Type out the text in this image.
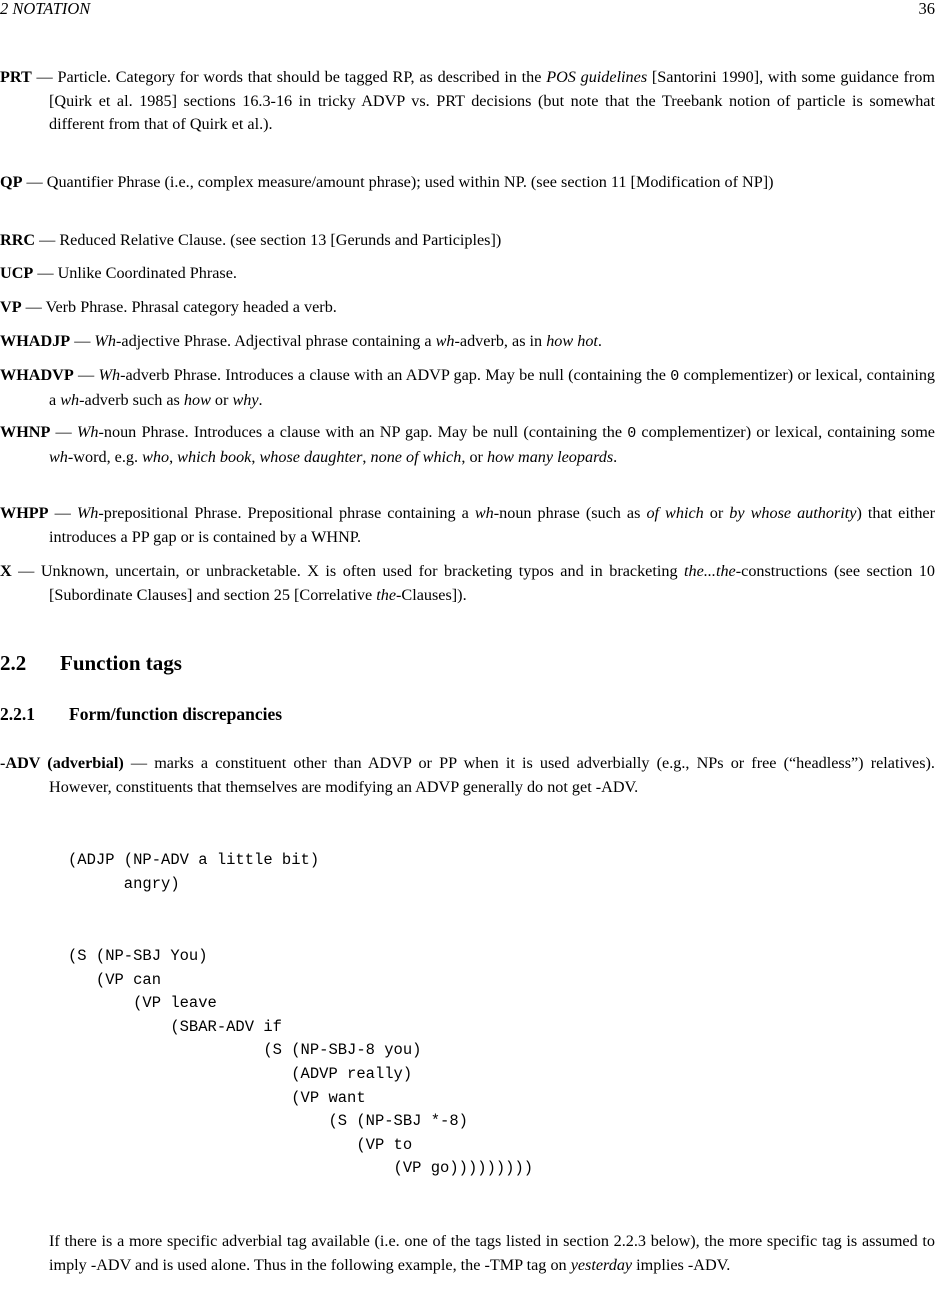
2 NOTATION	36
PRT — Particle. Category for words that should be tagged RP, as described in the POS guidelines [Santorini 1990], with some guidance from [Quirk et al. 1985] sections 16.3-16 in tricky ADVP vs. PRT decisions (but note that the Treebank notion of particle is somewhat different from that of Quirk et al.).
QP — Quantifier Phrase (i.e., complex measure/amount phrase); used within NP. (see section 11 [Modification of NP])
RRC — Reduced Relative Clause. (see section 13 [Gerunds and Participles])
UCP — Unlike Coordinated Phrase.
VP — Verb Phrase. Phrasal category headed a verb.
WHADJP — Wh-adjective Phrase. Adjectival phrase containing a wh-adverb, as in how hot.
WHADVP — Wh-adverb Phrase. Introduces a clause with an ADVP gap. May be null (containing the 0 complementizer) or lexical, containing a wh-adverb such as how or why.
WHNP — Wh-noun Phrase. Introduces a clause with an NP gap. May be null (containing the 0 complementizer) or lexical, containing some wh-word, e.g. who, which book, whose daughter, none of which, or how many leopards.
WHPP — Wh-prepositional Phrase. Prepositional phrase containing a wh-noun phrase (such as of which or by whose authority) that either introduces a PP gap or is contained by a WHNP.
X — Unknown, uncertain, or unbracketable. X is often used for bracketing typos and in bracketing the...the-constructions (see section 10 [Subordinate Clauses] and section 25 [Correlative the-Clauses]).
2.2 Function tags
2.2.1 Form/function discrepancies
-ADV (adverbial) — marks a constituent other than ADVP or PP when it is used adverbially (e.g., NPs or free (“headless”) relatives). However, constituents that themselves are modifying an ADVP generally do not get -ADV.
(ADJP (NP-ADV a little bit)
angry)
(S (NP-SBJ You)
(VP can
(VP leave
(SBAR-ADV if
(S (NP-SBJ-8 you)
(ADVP really)
(VP want
(S (NP-SBJ *-8)
(VP to
(VP go)))))))))
If there is a more specific adverbial tag available (i.e. one of the tags listed in section 2.2.3 below), the more specific tag is assumed to imply -ADV and is used alone. Thus in the following example, the -TMP tag on yesterday implies -ADV.
